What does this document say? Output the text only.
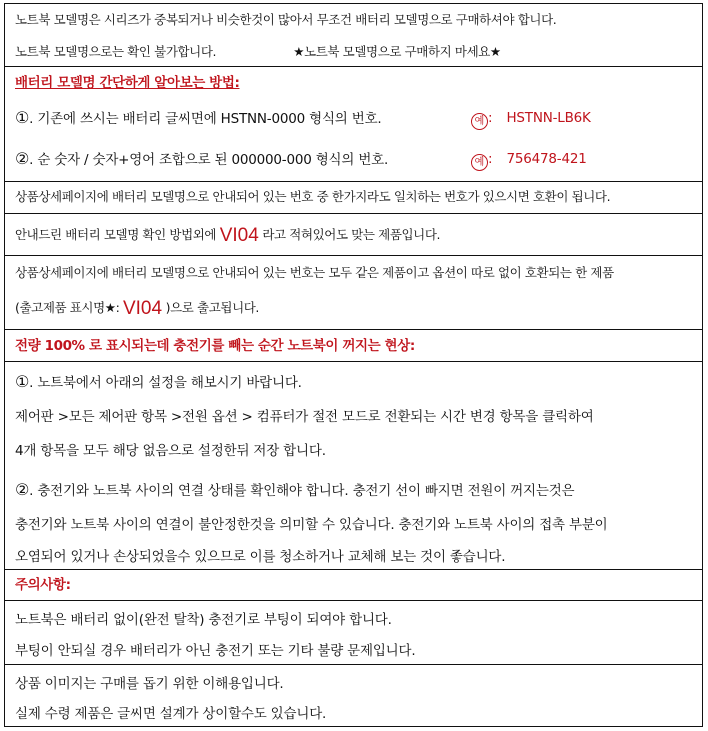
노트북 모델명은 시리즈가 중복되거나 비슷한것이 많아서 무조건 배터리 모델명으로 구매하셔야 합니다.
노트북 모델명으로는 확인 불가합니다.	★노트북 모델명으로 구매하지 마세요★
배터리 모델명 간단하게 알아보는 방법:
①. 기존에 쓰시는 배터리 글씨면에 HSTNN-0000 형식의 번호.	예 : HSTNN-LB6K
②. 순 숫자 / 숫자+영어 조합으로 된 000000-000 형식의 번호.	예 : 756478-421
상품상세페이지에 배터리 모델명으로 안내되어 있는 번호 중 한가지라도 일치하는 번호가 있으시면 호환이 됩니다.
안내드린 배터리 모델명 확인 방법외에 VI04 라고 적혀있어도 맞는 제품입니다.
상품상세페이지에 배터리 모델명으로 안내되어 있는 번호는 모두 같은 제품이고 옵션이 따로 없이 호환되는 한 제품
(출고제품 표시명★: VI04 )으로 출고됩니다.
전량 100% 로 표시되는데 충전기를 빼는 순간 노트북이 꺼지는 현상:
①. 노트북에서 아래의 설정을 해보시기 바랍니다.
제어판 >모든 제어판 항목 >전원 옵션 > 컴퓨터가 절전 모드로 전환되는 시간 변경 항목을 클릭하여
4개 항목을 모두 해당 없음으로 설정한뒤 저장 합니다.
②. 충전기와 노트북 사이의 연결 상태를 확인해야 합니다. 충전기 선이 빠지면 전원이 꺼지는것은
충전기와 노트북 사이의 연결이 불안정한것을 의미할 수 있습니다. 충전기와 노트북 사이의 접촉 부분이
오염되어 있거나 손상되었을수 있으므로 이를 청소하거나 교체해 보는 것이 좋습니다.
주의사항:
노트북은 배터리 없이(완전 탈착) 충전기로 부팅이 되여야 합니다.
부팅이 안되실 경우 배터리가 아닌 충전기 또는 기타 불량 문제입니다.
상품 이미지는 구매를 돕기 위한 이해용입니다.
실제 수령 제품은 글씨면 설계가 상이할수도 있습니다.
